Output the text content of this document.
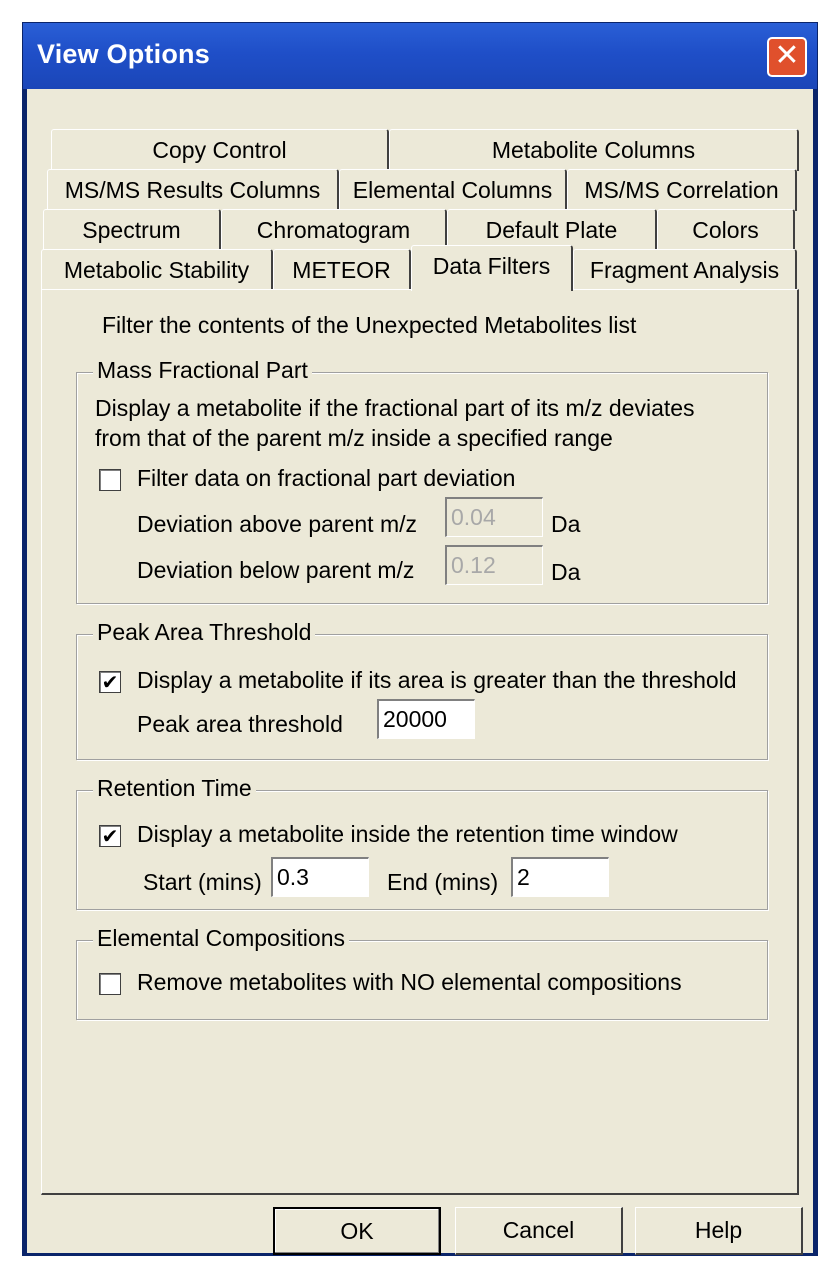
View Options	✕
Copy Control	Metabolite Columns
MS/MS Results Columns	Elemental Columns	MS/MS Correlation
Spectrum	Chromatogram	Default Plate	Colors
Metabolic Stability	METEOR	Data Filters	Fragment Analysis
Filter the contents of the Unexpected Metabolites list
Mass Fractional Part
Display a metabolite if the fractional part of its m/z deviates
from that of the parent m/z inside a specified range
Filter data on fractional part deviation
Deviation above parent m/z 0.04	Da
Deviation below parent m/z 0.12	Da
Peak Area Threshold
✔ Display a metabolite if its area is greater than the threshold
Peak area threshold 20000
Retention Time
✔ Display a metabolite inside the retention time window
Start (mins) 0.3	End (mins) 2
Elemental Compositions
Remove metabolites with NO elemental compositions
OK	Cancel	Help
